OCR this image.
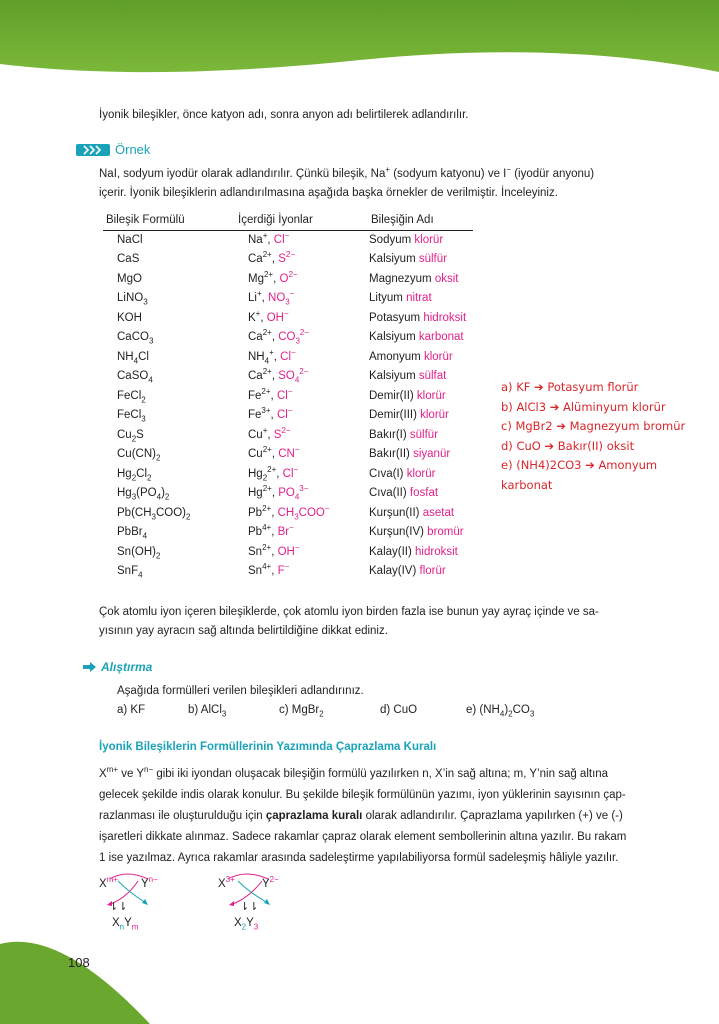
İyonik bileşikler, önce katyon adı, sonra anyon adı belirtilerek adlandırılır.
Örnek
NaI, sodyum iyodür olarak adlandırılır. Çünkü bileşik, Na+ (sodyum katyonu) ve I− (iyodür anyonu)
içerir. İyonik bileşiklerin adlandırılmasına aşağıda başka örnekler de verilmiştir. İnceleyiniz.
Bileşik Formülü	İçerdiği İyonlar	Bileşiğin Adı
NaCl	Na+, Cl−	Sodyum klorür
CaS	$Ca^{2+}$, $S^{2-}$	Kalsiyum sülfür
MgO	$Mg^{2+}$, $O^{2-}$	Magnezyum oksit
LiNO$_3$	Li+, $NO_3^-$	Lityum nitrat
KOH	K+, OH−	Potasyum hidroksit
CaCO$_3$	$Ca^{2+}$, $CO_3^{2-}$	Kalsiyum karbonat
$NH_4Cl$	$NH_4^+$, Cl−	Amonyum klorür
CaSO$_4$	$Ca^{2+}$, $SO_4^{2-}$	Kalsiyum sülfat
FeCl$_2$	$Fe^{2+}$, Cl−	Demir(II) klorür
FeCl$_3$	$Fe^{3+}$, Cl−	Demir(III) klorür
$Cu_2S$	Cu+, $S^{2-}$	Bakır(I) sülfür
$Cu(CN)_2$	$Cu^{2+}$, CN−	Bakır(II) siyanür
$Hg_2Cl_2$	$Hg_2^{2+}$, Cl−	Cıva(I) klorür
$Hg_3(PO_4)_2$	$Hg^{2+}$, $PO_4^{3-}$	Cıva(II) fosfat
$Pb(CH_3COO)_2$	$Pb^{2+}$, $CH_3COO^-$	Kurşun(II) asetat
PbBr$_4$	$Pb^{4+}$, Br−	Kurşun(IV) bromür
$Sn(OH)_2$	$Sn^{2+}$, OH−	Kalay(II) hidroksit
SnF$_4$	$Sn^{4+}$, F−	Kalay(IV) florür
a) KF ➔ Potasyum florür
b) AlCl3 ➔ Alüminyum klorür
c) MgBr2 ➔ Magnezyum bromür
d) CuO ➔ Bakır(II) oksit
e) (NH4)2CO3 ➔ Amonyum
karbonat
Çok atomlu iyon içeren bileşiklerde, çok atomlu iyon birden fazla ise bunun yay ayraç içinde ve sa-
yısının yay ayracın sağ altında belirtildiğine dikkat ediniz.
Alıştırma
Aşağıda formülleri verilen bileşikleri adlandırınız.
a) KF	b) AlCl$_3$	c) MgBr$_2$	d) CuO	e) $(NH_4)_2CO_3$
İyonik Bileşiklerin Formüllerinin Yazımında Çaprazlama Kuralı
$X^{m+}$ ve $Y^{n-}$ gibi iki iyondan oluşacak bileşiğin formülü yazılırken n, X’in sağ altına; m, Y’nin sağ altına
gelecek şekilde indis olarak konulur. Bu şekilde bileşik formülünün yazımı, iyon yüklerinin sayısının çap-
razlanması ile oluşturulduğu için çaprazlama kuralı olarak adlandırılır. Çaprazlama yapılırken (+) ve (-)
işaretleri dikkate alınmaz. Sadece rakamlar çapraz olarak element sembollerinin altına yazılır. Bu rakam
1 ise yazılmaz. Ayrıca rakamlar arasında sadeleştirme yapılabiliyorsa formül sadeleşmiş hâliyle yazılır.
$X^{m+}$ $Y^{n-}$
⇂⇂
$X_nY_m$
$X^{3+}$ $Y^{2-}$
⇂⇂
$X_2Y_3$
108
